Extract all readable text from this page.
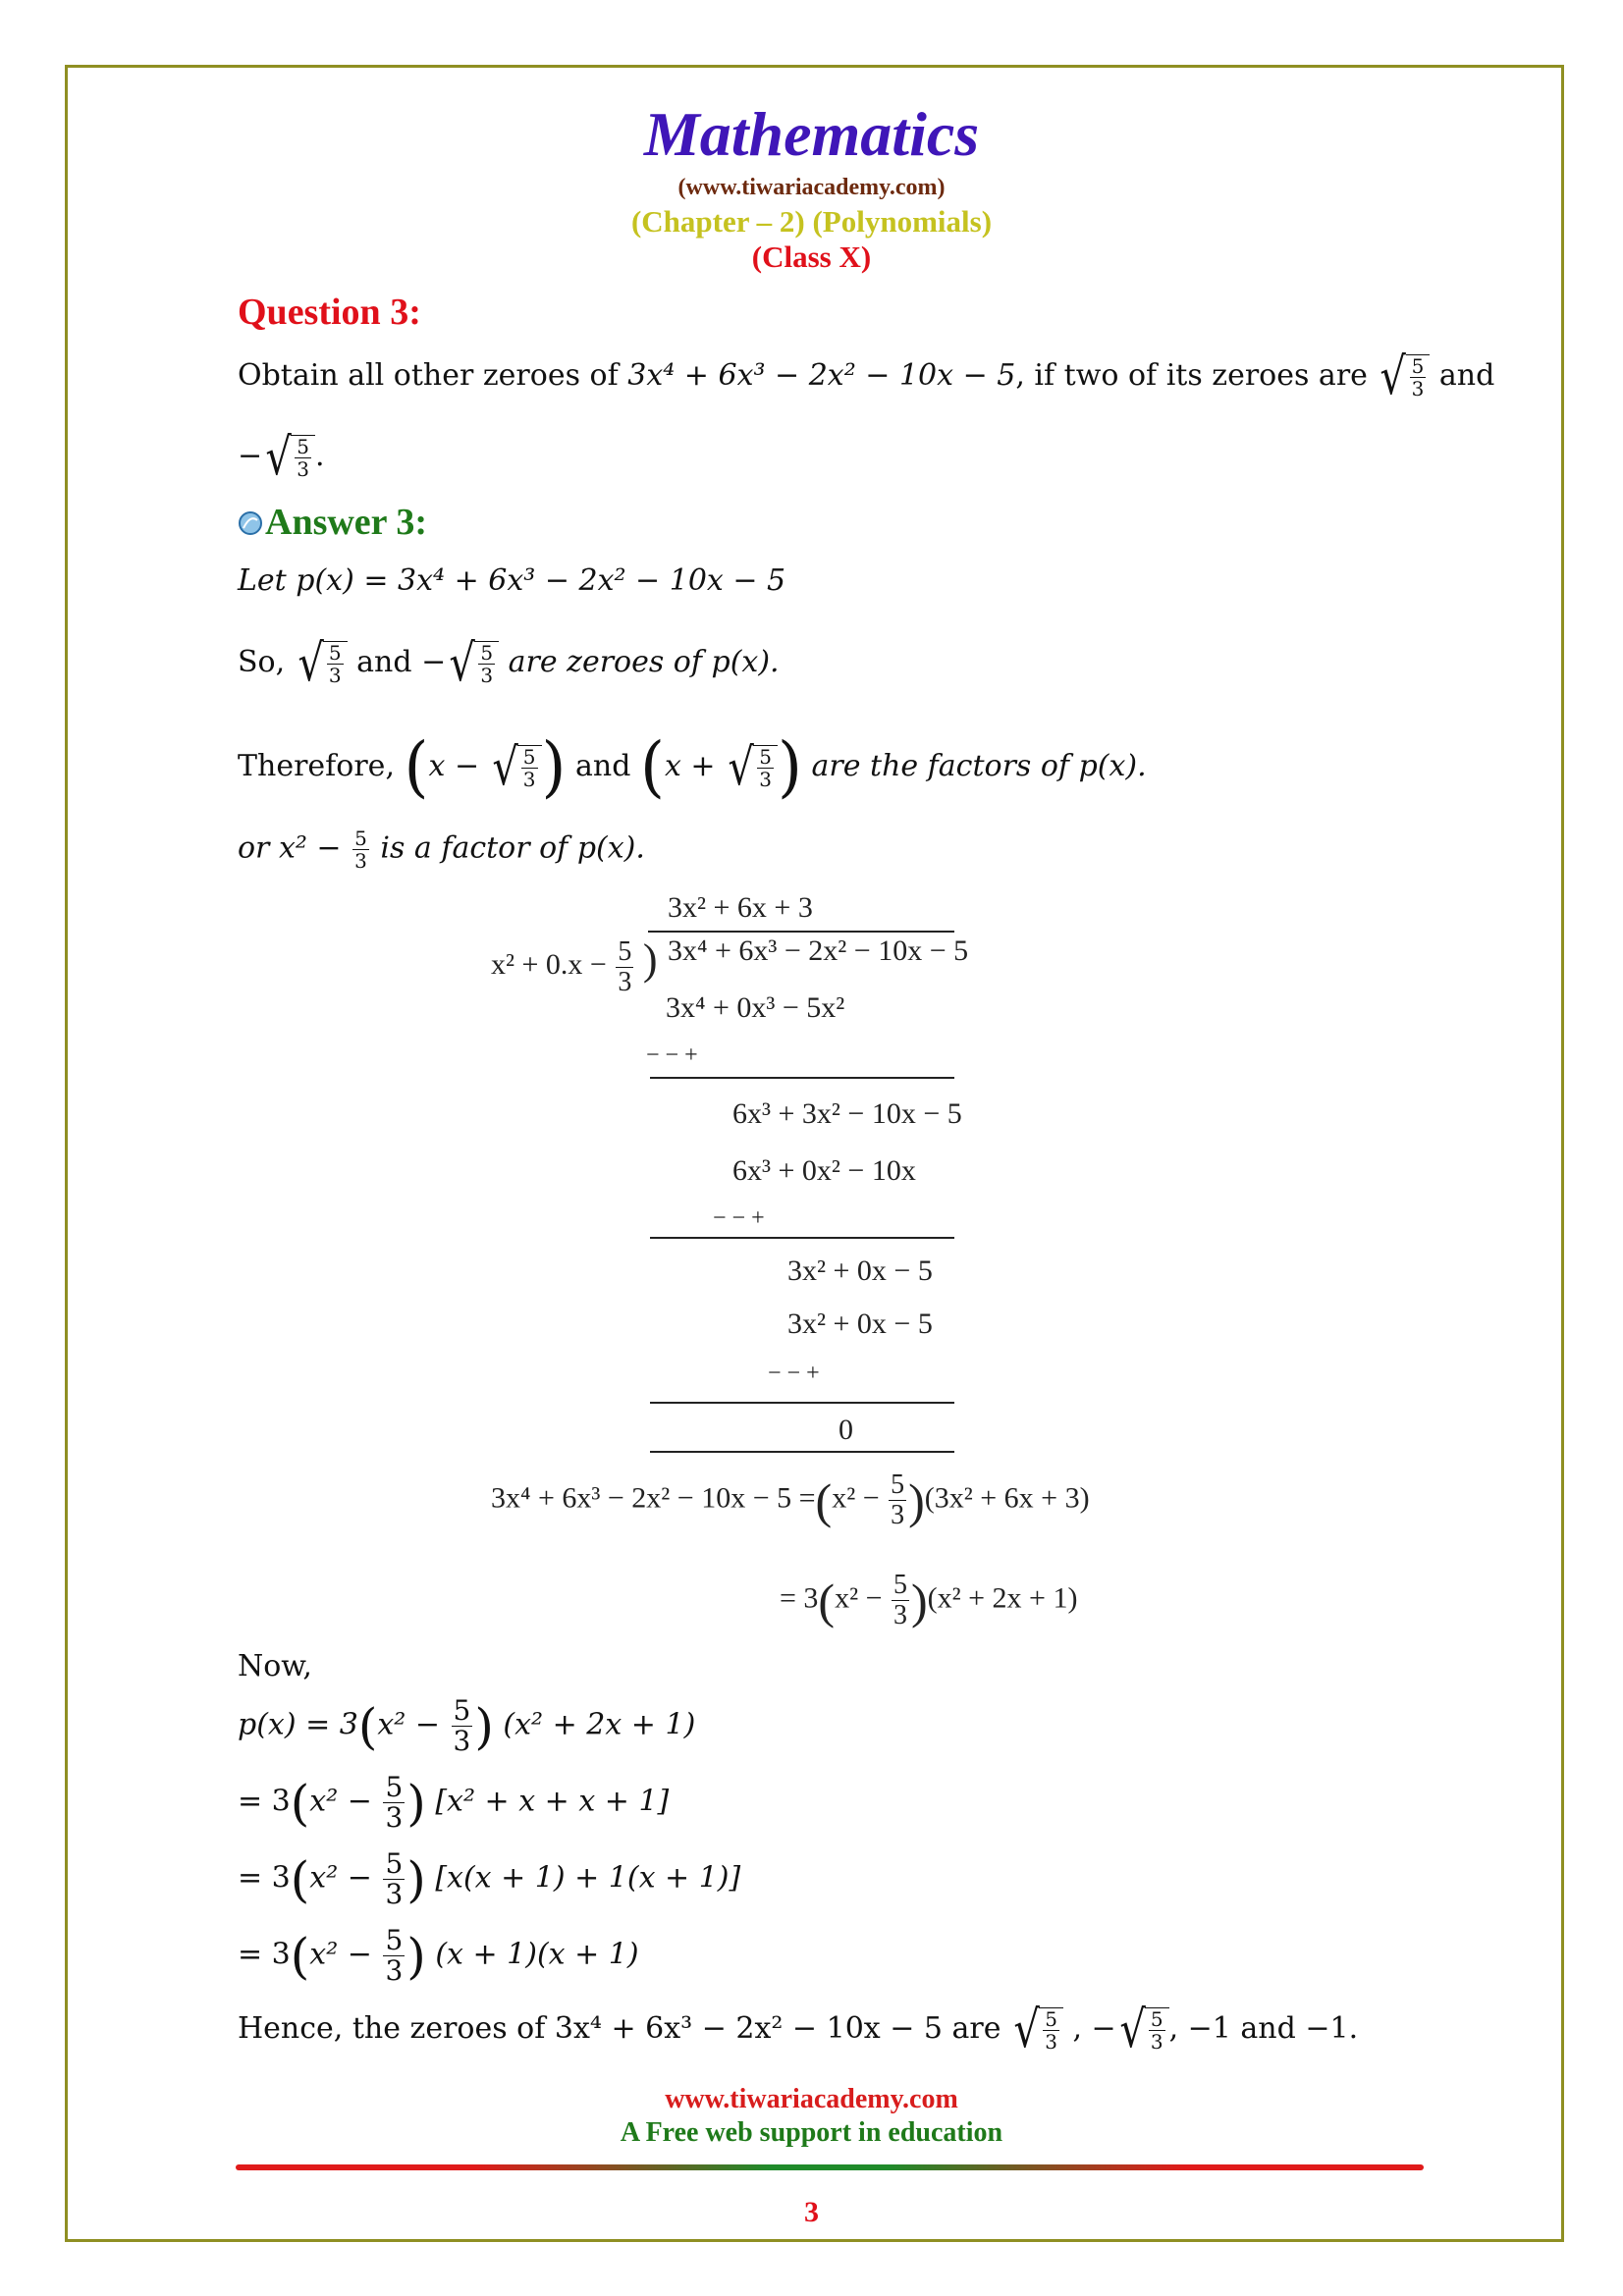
Mathematics
(www.tiwariacademy.com)
(Chapter – 2) (Polynomials)
(Class X)
Question 3:
Obtain all other zeroes of 3x⁴ + 6x³ − 2x² − 10x − 5, if two of its zeroes are √ $\frac{5}{3}$ and
− √ $\frac{5}{3}$ .
Answer 3:
Let p(x) = 3x⁴ + 6x³ − 2x² − 10x − 5
So, √ $\frac{5}{3}$ and − √ $\frac{5}{3}$ are zeroes of p(x).
Therefore, (x − √ $\frac{5}{3}$ ) and (x + √ $\frac{5}{3}$ ) are the factors of p(x).
or $x^2 - \frac{5}{3}$ is a factor of p(x).
3x² + 6x + 3
$x^2 + 0.x - \frac{5}{3}$ ) 3x⁴ + 6x³ − 2x² − 10x − 5
3x⁴ + 0x³ − 5x²
− − +
6x³ + 3x² − 10x − 5
6x³ + 0x² − 10x
− − +
3x² + 0x − 5
3x² + 0x − 5
− − +
0
$3x^4 + 6x^3 - 2x^2 - 10x - 5 =(x^2 - \frac{5}{3} )(3x^2 + 6x + 3)$
= $3(x^2 - \frac{5}{3} )(x^2 + 2x + 1)$
Now,
$p(x) = 3(x^2 - \frac{5}{3}$ ) (x² + 2x + 1)
= $3(x^2 - \frac{5}{3}$ ) [x² + x + x + 1]
= $3(x^2 - \frac{5}{3}$ ) [x(x + 1) + 1(x + 1)]
= $3(x^2 - \frac{5}{3}$ ) (x + 1)(x + 1)
Hence, the zeroes of 3x⁴ + 6x³ − 2x² − 10x − 5 are √ $\frac{5}{3}$ , − √ $\frac{5}{3}$ , −1 and −1.
www.tiwariacademy.com
A Free web support in education
3
